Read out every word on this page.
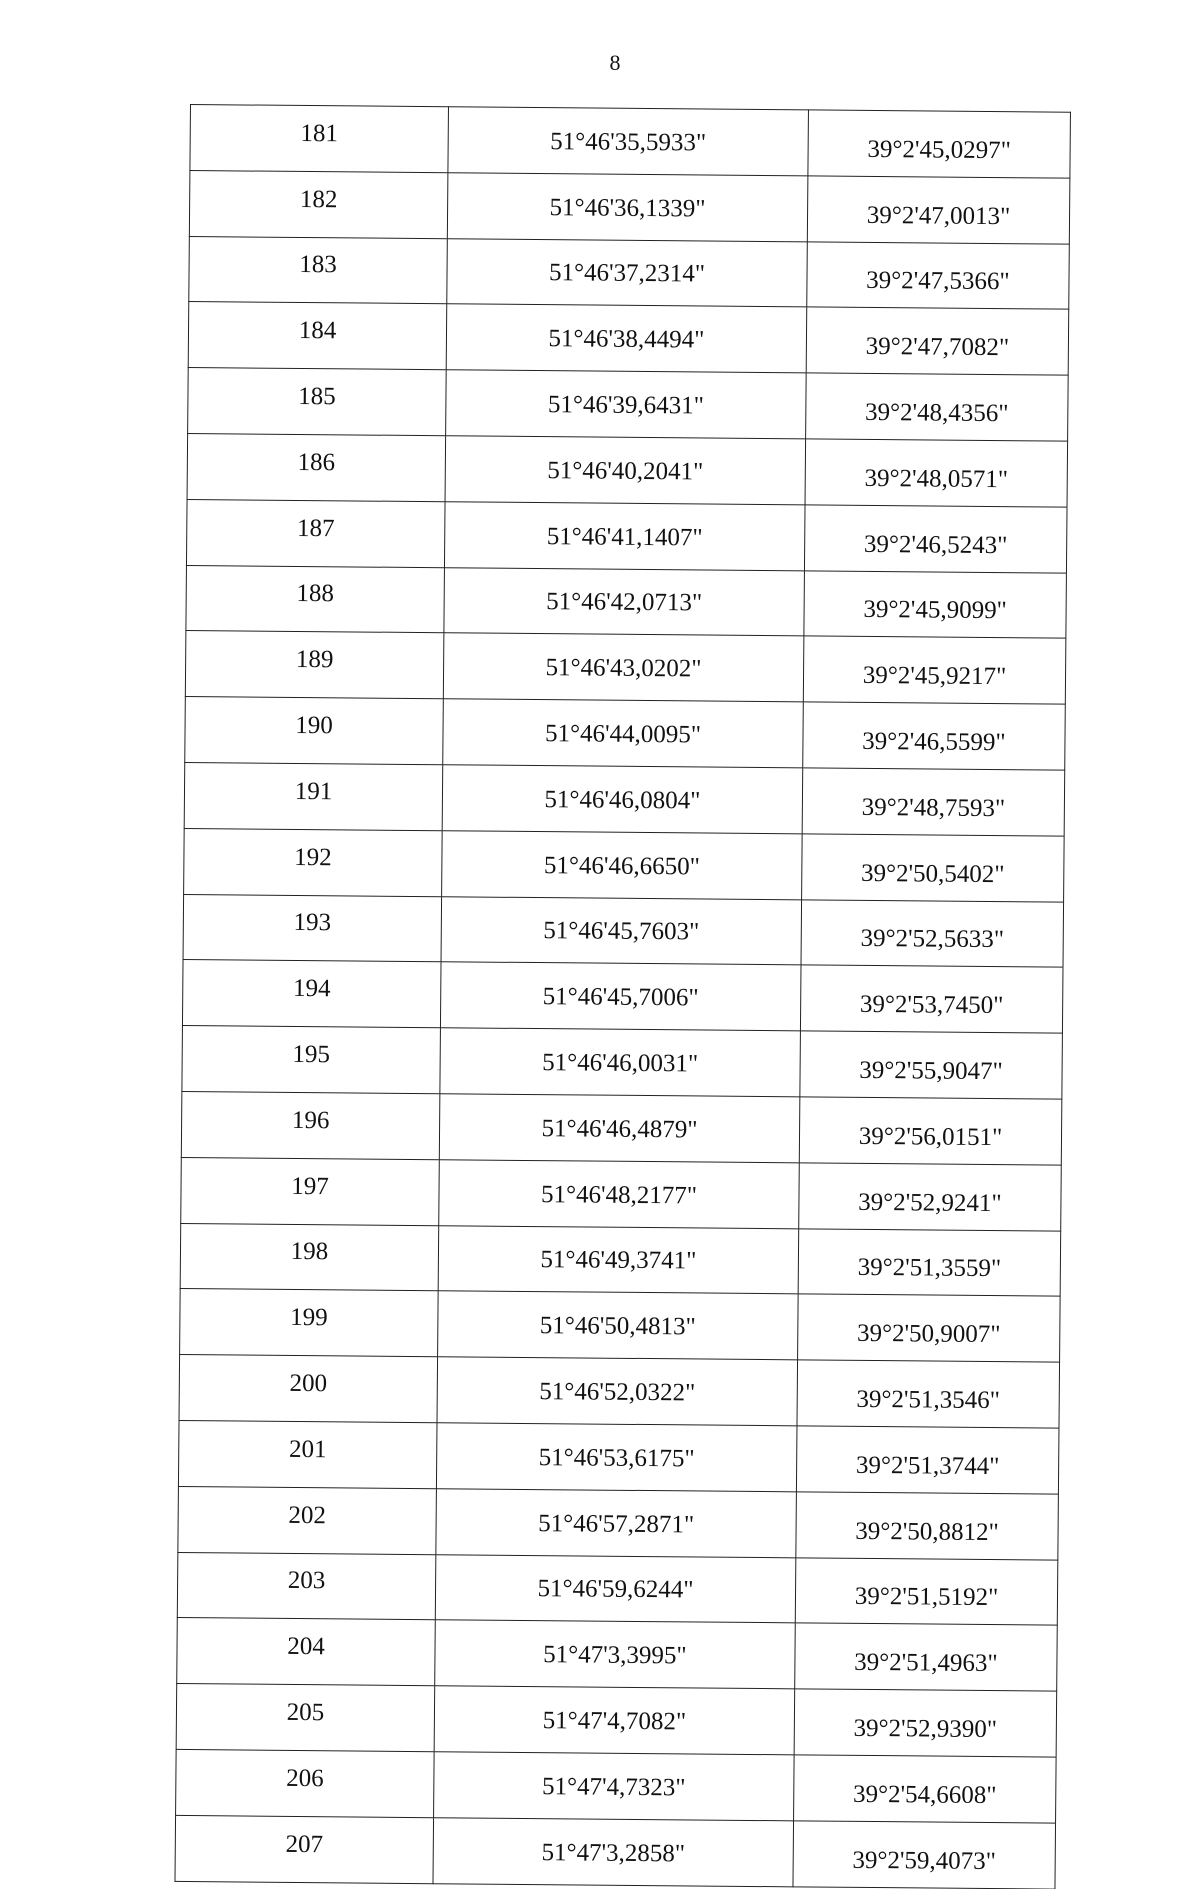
8
181	51°46'35,5933"	39°2'45,0297"
182	51°46'36,1339"	39°2'47,0013"
183	51°46'37,2314"	39°2'47,5366"
184	51°46'38,4494"	39°2'47,7082"
185	51°46'39,6431"	39°2'48,4356"
186	51°46'40,2041"	39°2'48,0571"
187	51°46'41,1407"	39°2'46,5243"
188	51°46'42,0713"	39°2'45,9099"
189	51°46'43,0202"	39°2'45,9217"
190	51°46'44,0095"	39°2'46,5599"
191	51°46'46,0804"	39°2'48,7593"
192	51°46'46,6650"	39°2'50,5402"
193	51°46'45,7603"	39°2'52,5633"
194	51°46'45,7006"	39°2'53,7450"
195	51°46'46,0031"	39°2'55,9047"
196	51°46'46,4879"	39°2'56,0151"
197	51°46'48,2177"	39°2'52,9241"
198	51°46'49,3741"	39°2'51,3559"
199	51°46'50,4813"	39°2'50,9007"
200	51°46'52,0322"	39°2'51,3546"
201	51°46'53,6175"	39°2'51,3744"
202	51°46'57,2871"	39°2'50,8812"
203	51°46'59,6244"	39°2'51,5192"
204	51°47'3,3995"	39°2'51,4963"
205	51°47'4,7082"	39°2'52,9390"
206	51°47'4,7323"	39°2'54,6608"
207	51°47'3,2858"	39°2'59,4073"
